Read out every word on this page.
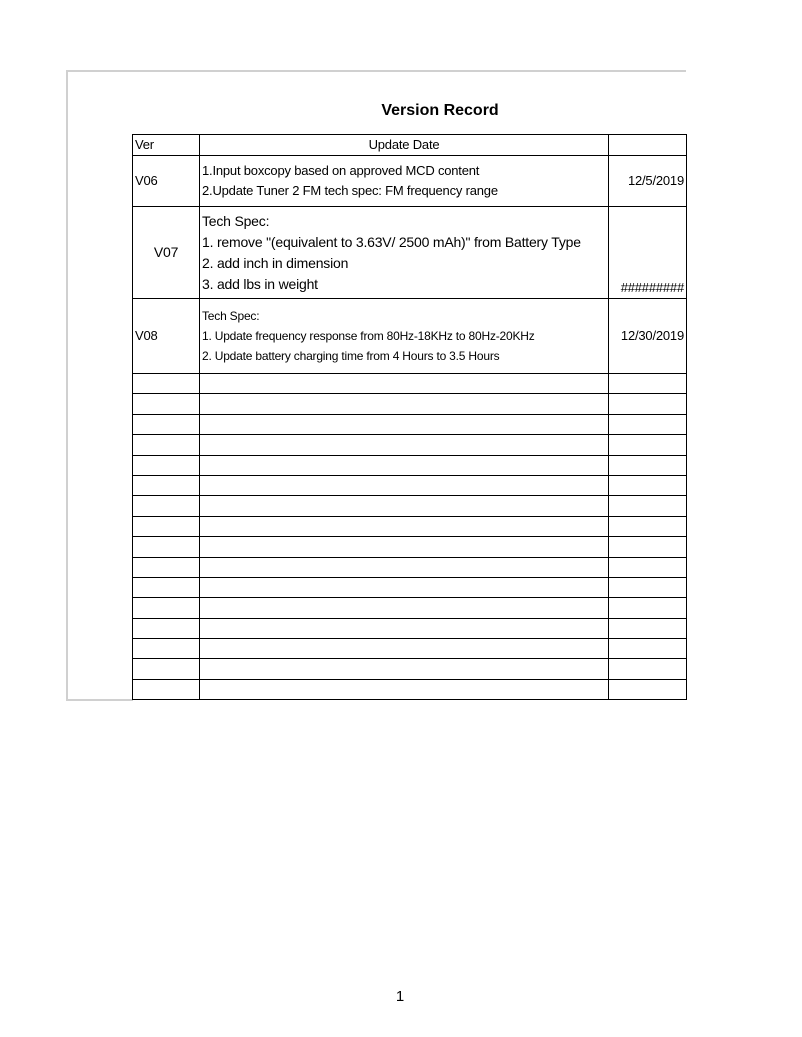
Version Record
Ver	Update Date	
V06	1.Input boxcopy based on approved MCD content
2.Update Tuner 2 FM tech spec: FM frequency range	12/5/2019
V07	Tech Spec:
1. remove "(equivalent to 3.63V/ 2500 mAh)" from Battery Type
2. add inch in dimension
3. add lbs in weight	#########
V08	Tech Spec:
1. Update frequency response from 80Hz-18KHz to 80Hz-20KHz
2. Update battery charging time from 4 Hours to 3.5 Hours	12/30/2019

1
